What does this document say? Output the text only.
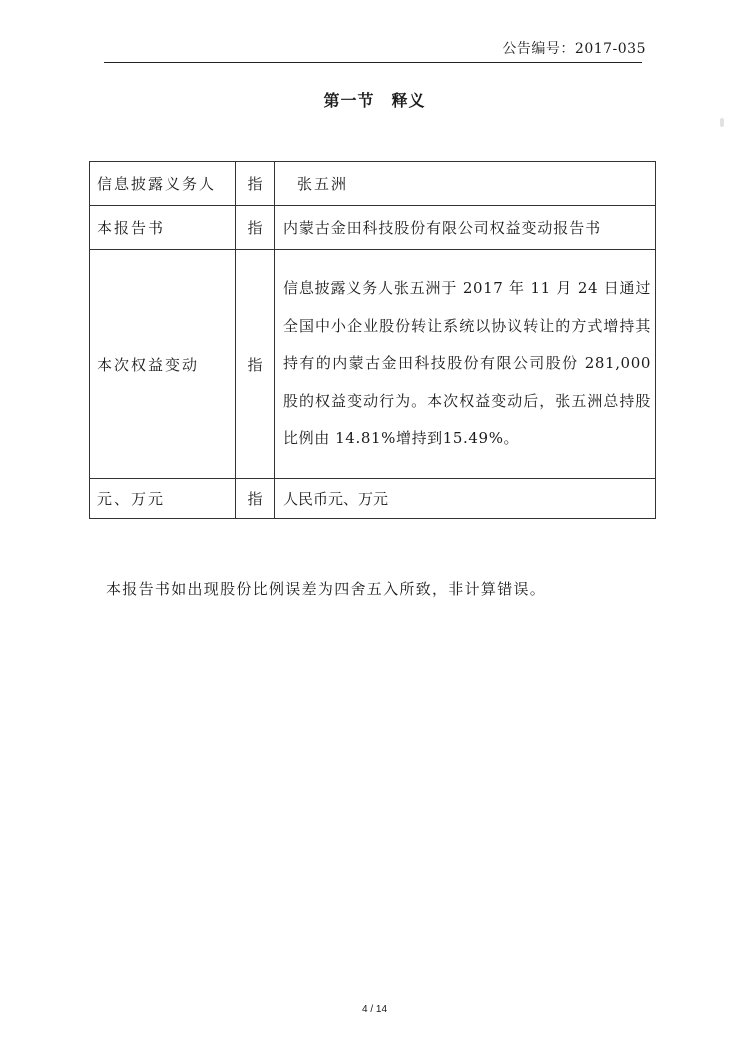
公告编号：2017-035
第一节　释义
信息披露义务人	指	张五洲
本报告书	指	内蒙古金田科技股份有限公司权益变动报告书
本次权益变动	指	信息披露义务人张五洲于 2017 年 11 月 24 日通过全国中小企业股份转让系统以协议转让的方式增持其持有的内蒙古金田科技股份有限公司股份 281,000 股的权益变动行为。本次权益变动后，张五洲总持股比例由 14.81%增持到15.49%。
元、万元	指	人民币元、万元
本报告书如出现股份比例误差为四舍五入所致，非计算错误。
4 / 14
